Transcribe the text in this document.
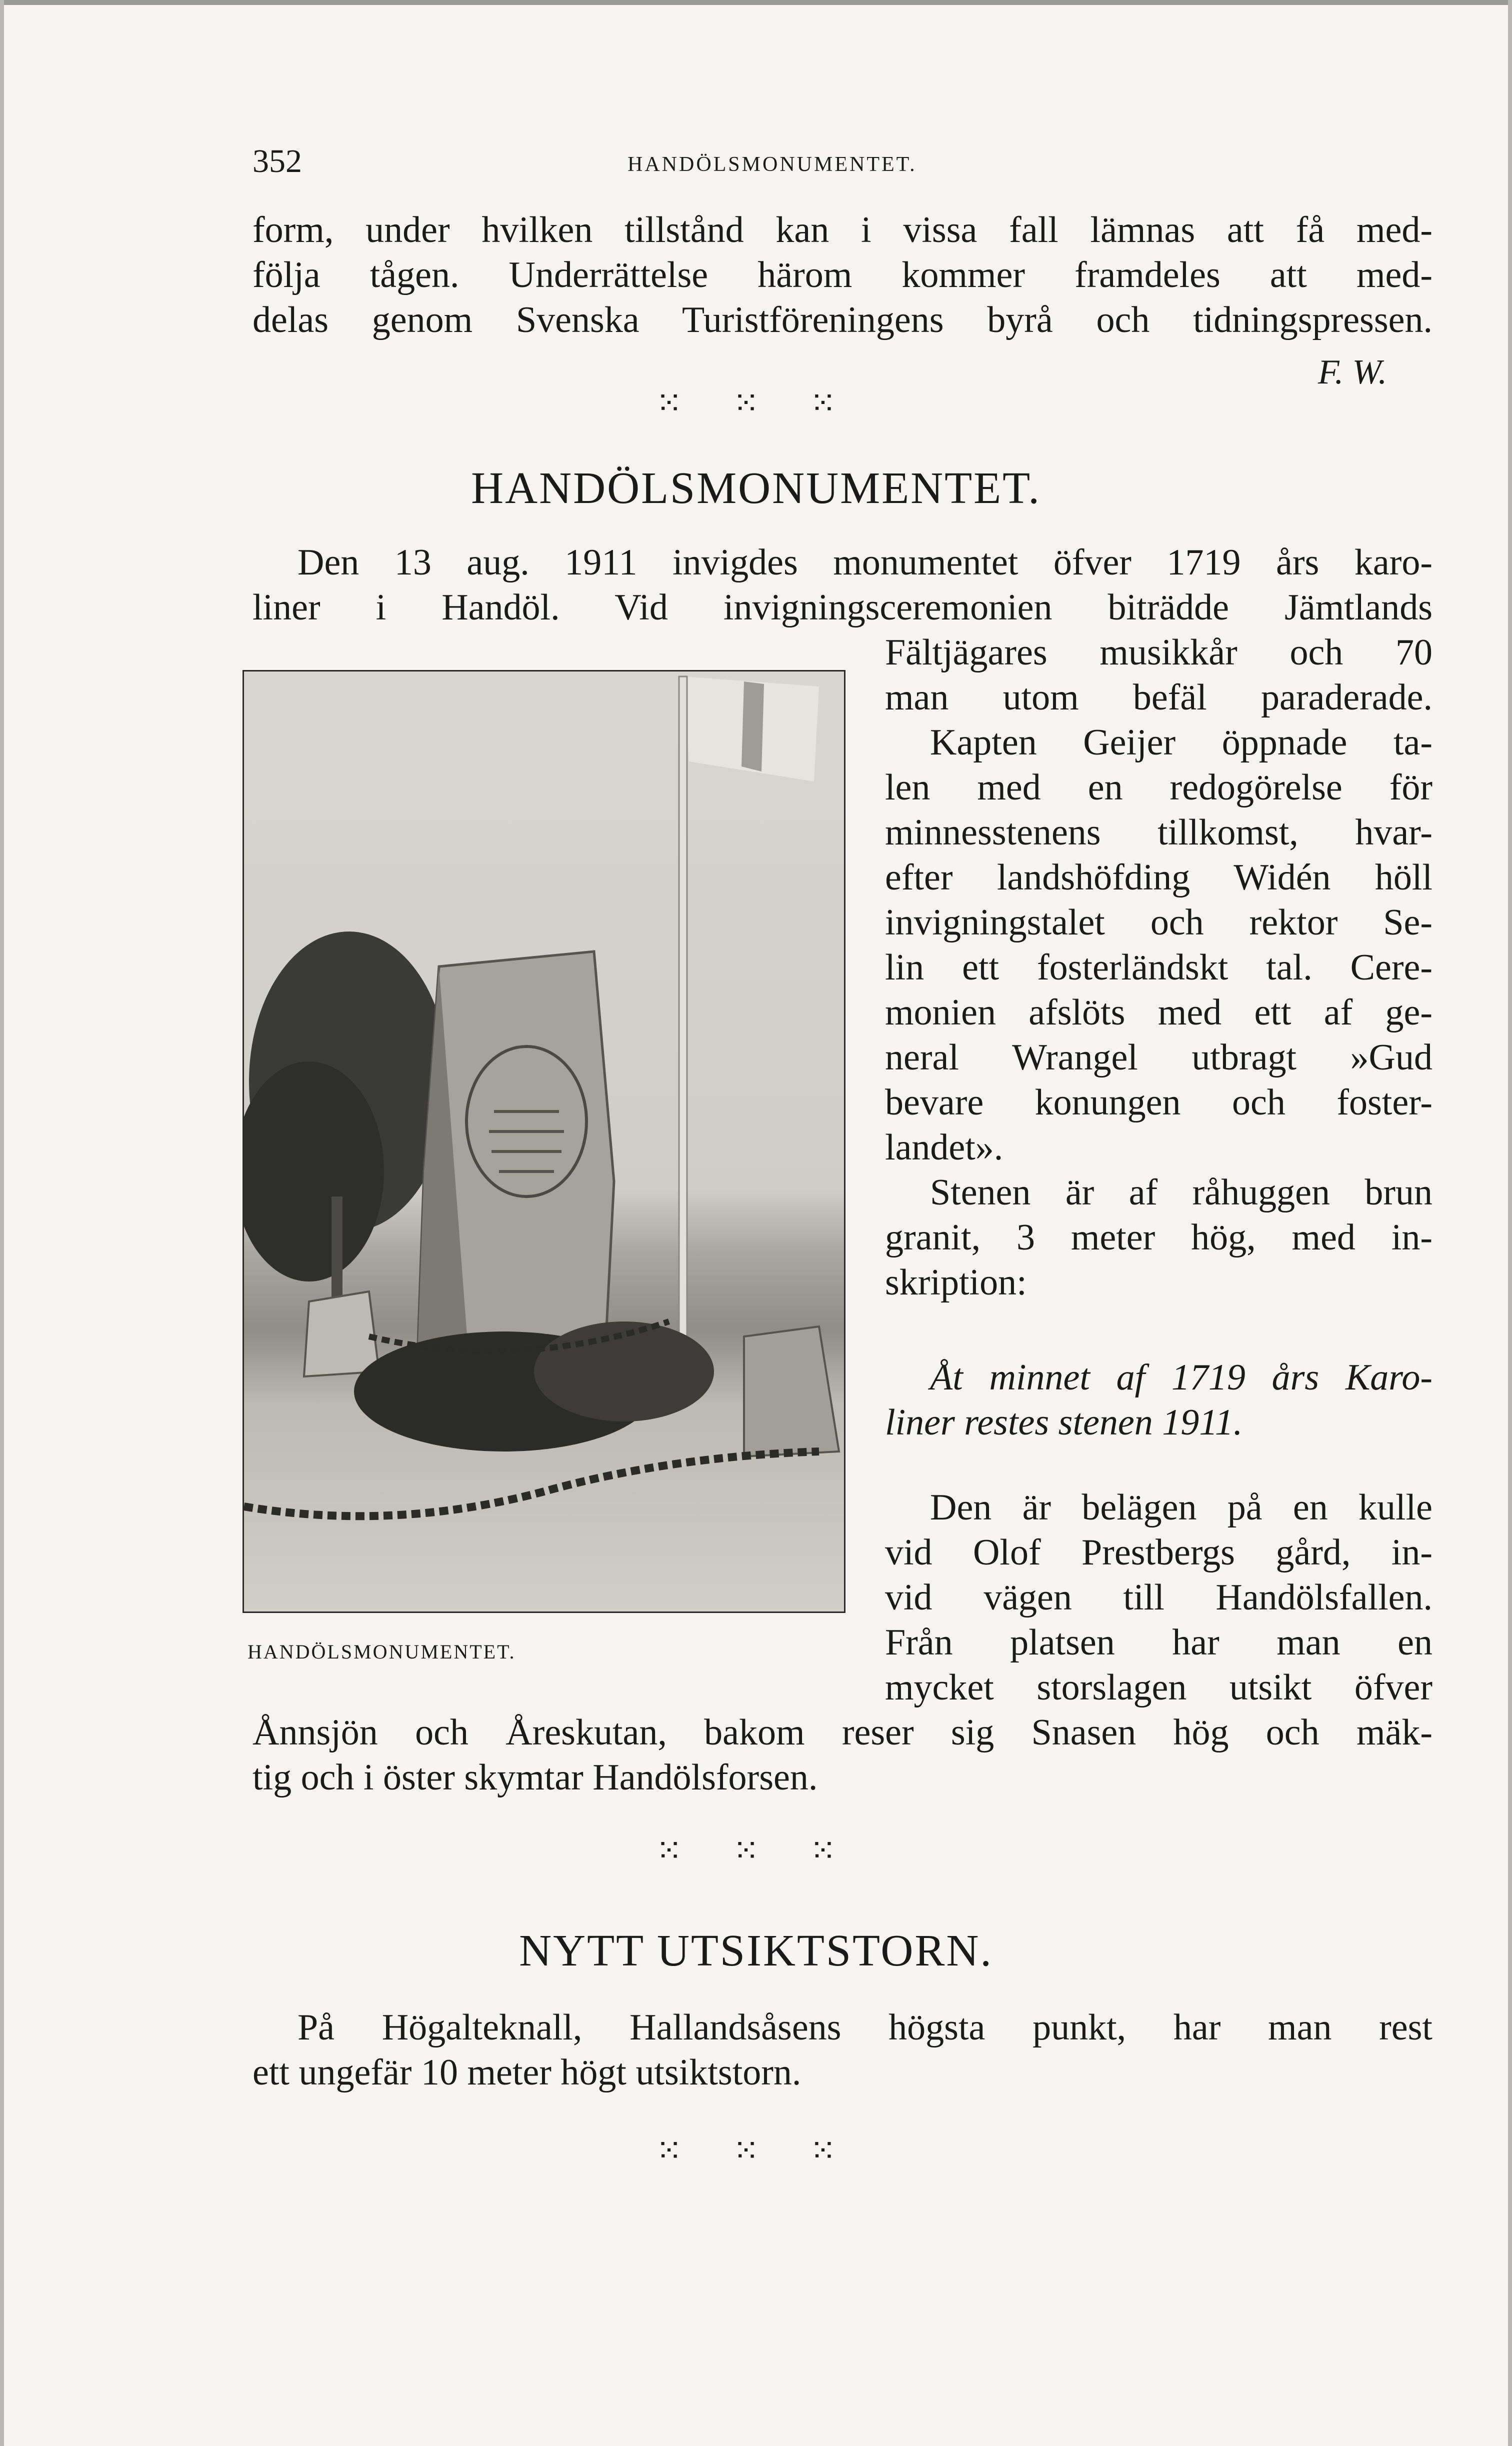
352	HANDÖLSMONUMENTET.
form, under hvilken tillstånd kan i vissa fall lämnas att få med-
följa tågen. Underrättelse härom kommer framdeles att med-
delas genom Svenska Turistföreningens byrå och tidningspressen.
F. W.
⁙ ⁙ ⁙
HANDÖLSMONUMENTET.
Den 13 aug. 1911 invigdes monumentet öfver 1719 års karo-
liner i Handöl. Vid invigningsceremonien biträdde Jämtlands
HANDÖLSMONUMENTET.
Fältjägares musikkår och 70
man utom befäl paraderade.
Kapten Geijer öppnade ta-
len med en redogörelse för
minnesstenens tillkomst, hvar-
efter landshöfding Widén höll
invigningstalet och rektor Se-
lin ett fosterländskt tal. Cere-
monien afslöts med ett af ge-
neral Wrangel utbragt »Gud
bevare konungen och foster-
landet».
Stenen är af råhuggen brun
granit, 3 meter hög, med in-
skription:
Åt minnet af 1719 års Karo-
liner restes stenen 1911.
Den är belägen på en kulle
vid Olof Prestbergs gård, in-
vid vägen till Handölsfallen.
Från platsen har man en
mycket storslagen utsikt öfver
Ånnsjön och Åreskutan, bakom reser sig Snasen hög och mäk-
tig och i öster skymtar Handölsforsen.
⁙ ⁙ ⁙
NYTT UTSIKTSTORN.
På Högalteknall, Hallandsåsens högsta punkt, har man rest
ett ungefär 10 meter högt utsiktstorn.
⁙ ⁙ ⁙
